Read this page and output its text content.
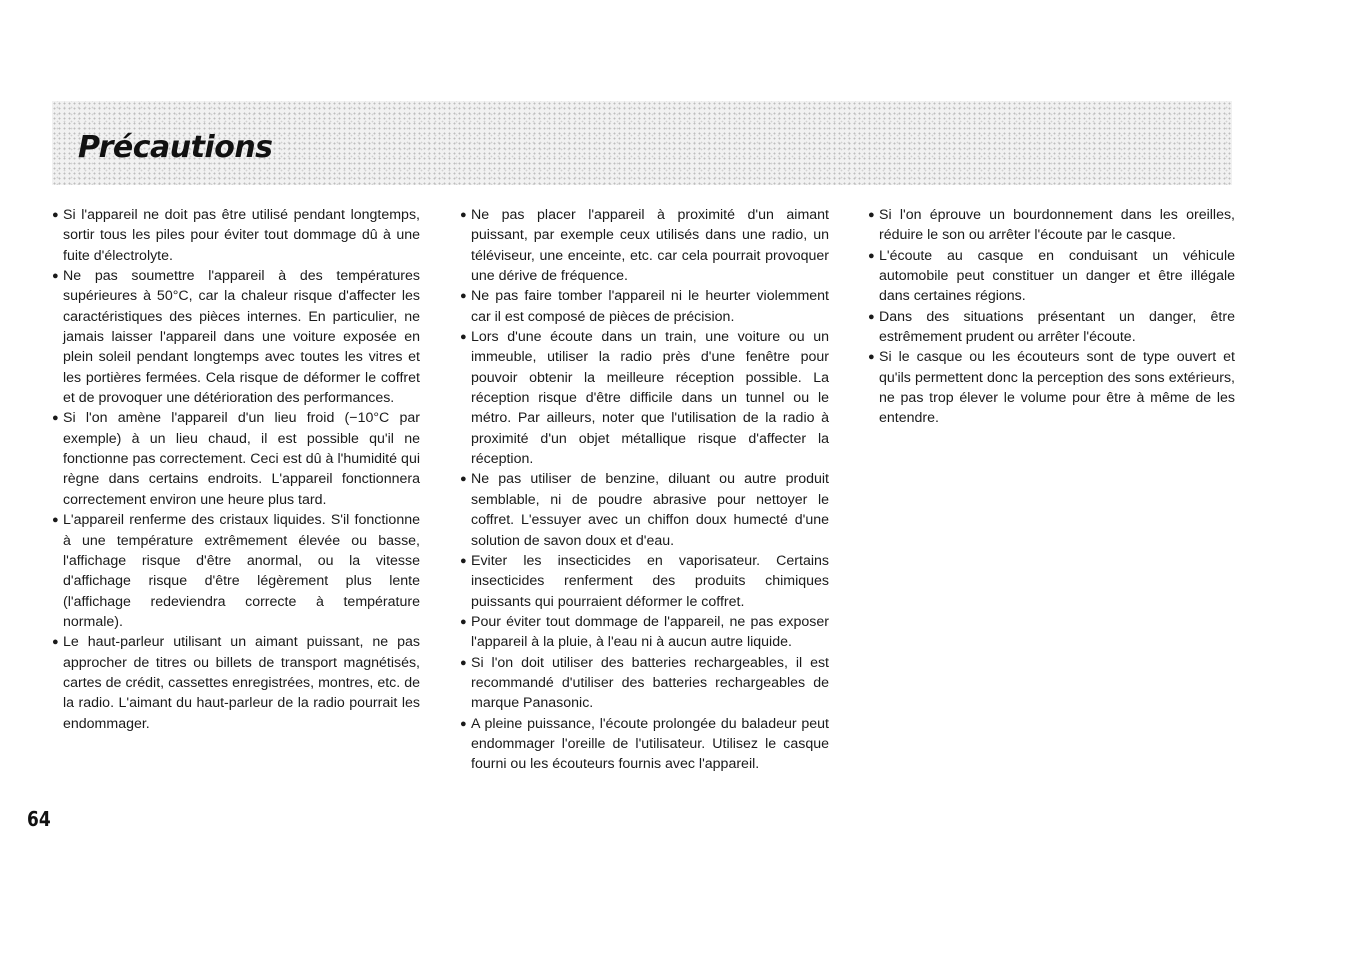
Précautions

● Si l'appareil ne doit pas être utilisé pendant longtemps, sortir tous les piles pour éviter tout dommage dû à une fuite d'électrolyte.

● Ne pas soumettre l'appareil à des températures supérieures à 50°C, car la chaleur risque d'affecter les caractéristiques des pièces internes. En particulier, ne jamais laisser l'appareil dans une voiture exposée en plein soleil pendant longtemps avec toutes les vitres et les portières fermées. Cela risque de déformer le coffret et de provoquer une détérioration des performances.

● Si l'on amène l'appareil d'un lieu froid (−10°C par exemple) à un lieu chaud, il est possible qu'il ne fonctionne pas correctement. Ceci est dû à l'humidité qui règne dans certains endroits. L'appareil fonctionnera correctement environ une heure plus tard.

● L'appareil renferme des cristaux liquides. S'il fonctionne à une température extrêmement élevée ou basse, l'affichage risque d'être anormal, ou la vitesse d'affichage risque d'être légèrement plus lente (l'affichage redeviendra correcte à température normale).

● Le haut-parleur utilisant un aimant puissant, ne pas approcher de titres ou billets de transport magnétisés, cartes de crédit, cassettes enregistrées, montres, etc. de la radio. L'aimant du haut-parleur de la radio pourrait les endommager.

● Ne pas placer l'appareil à proximité d'un aimant puissant, par exemple ceux utilisés dans une radio, un téléviseur, une enceinte, etc. car cela pourrait provoquer une dérive de fréquence.

● Ne pas faire tomber l'appareil ni le heurter violemment car il est composé de pièces de précision.

● Lors d'une écoute dans un train, une voiture ou un immeuble, utiliser la radio près d'une fenêtre pour pouvoir obtenir la meilleure réception possible. La réception risque d'être difficile dans un tunnel ou le métro. Par ailleurs, noter que l'utilisation de la radio à proximité d'un objet métallique risque d'affecter la réception.

● Ne pas utiliser de benzine, diluant ou autre produit semblable, ni de poudre abrasive pour nettoyer le coffret. L'essuyer avec un chiffon doux humecté d'une solution de savon doux et d'eau.

● Eviter les insecticides en vaporisateur. Certains insecticides renferment des produits chimiques puissants qui pourraient déformer le coffret.

● Pour éviter tout dommage de l'appareil, ne pas exposer l'appareil à la pluie, à l'eau ni à aucun autre liquide.

● Si l'on doit utiliser des batteries rechargeables, il est recommandé d'utiliser des batteries rechargeables de marque Panasonic.

● A pleine puissance, l'écoute prolongée du baladeur peut endommager l'oreille de l'utilisateur. Utilisez le casque fourni ou les écouteurs fournis avec l'appareil.

● Si l'on éprouve un bourdonnement dans les oreilles, réduire le son ou arrêter l'écoute par le casque.

● L'écoute au casque en conduisant un véhicule automobile peut constituer un danger et être illégale dans certaines régions.

● Dans des situations présentant un danger, être estrêmement prudent ou arrêter l'écoute.

● Si le casque ou les écouteurs sont de type ouvert et qu'ils permettent donc la perception des sons extérieurs, ne pas trop élever le volume pour être à même de les entendre.

64
